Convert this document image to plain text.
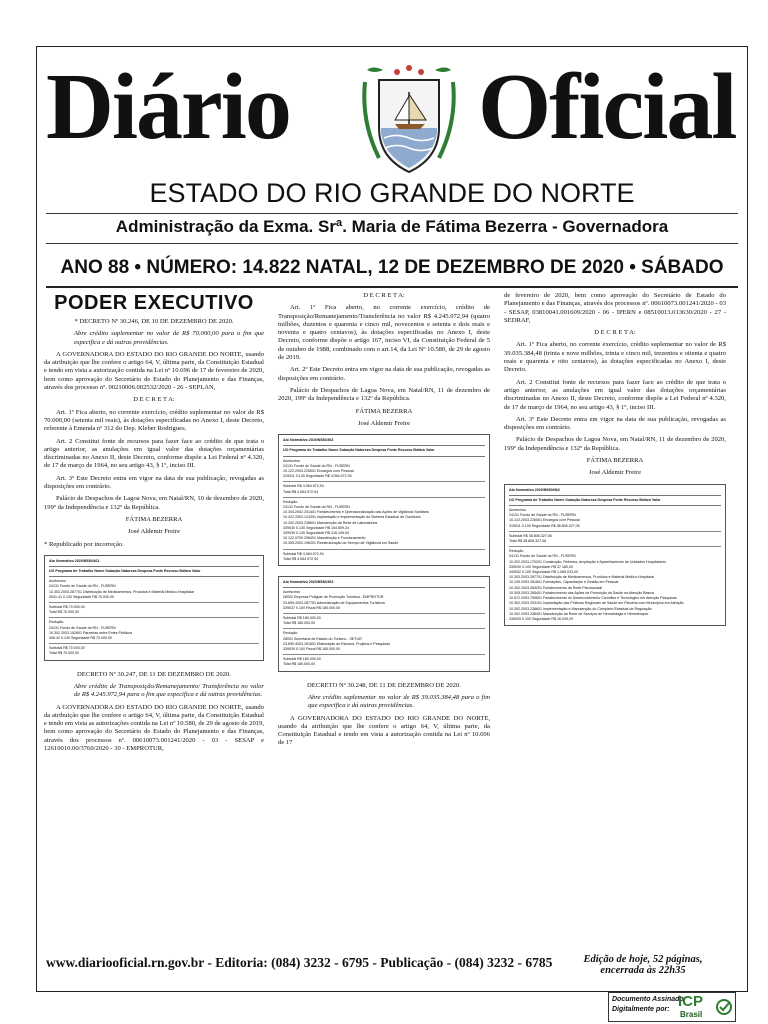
Diário Oficial
ESTADO DO RIO GRANDE DO NORTE
Administração da Exma. Srª. Maria de Fátima Bezerra - Governadora
ANO 88 • NÚMERO: 14.822 NATAL, 12 DE DEZEMBRO DE 2020 • SÁBADO

PODER EXECUTIVO

* DECRETO Nº 30.246, DE 10 DE DEZEMBRO DE 2020.

Abre crédito suplementar no valor de R$ 70.000,00 para o fim que especifica e dá outras providências.

A GOVERNADORA DO ESTADO DO RIO GRANDE DO NORTE, usando da atribuição que lhe confere o artigo 64, V, última parte, da Constituição Estadual e tendo em vista a autorização contida na Lei nº 10.696 de 17 de fevereiro de 2020, bem como aprovação do Secretário de Estado do Planejamento e das Finanças, através dos processo nº. 00210006.002532/2020 - 26 - SEPLAN,

D E C R E T A:

Art. 1º Fica aberto, no corrente exercício, crédito suplementar no valor de R$ 70.000,00 (setenta mil reais), às dotações especificadas no Anexo I, deste Decreto, referente à Emenda nº 312 do Dep. Kleber Rodrigues.

Art. 2 Constitui fonte de recursos para fazer face ao crédito de que trata o artigo anterior, as anulações em igual valor das dotações orçamentárias discriminadas no Anexo II, deste Decreto, conforme dispõe a Lei Federal nº 4.320, de 17 de março de 1964, no seu artigo 43, § 1º, inciso III.

Art. 3º Este Decreto entra em vigor na data de sua publicação, revogadas as disposições em contrário.

Palácio de Despachos de Lagoa Nova, em Natal/RN, 10 de dezembro de 2020, 199º da Independência e 132º da República.

FÁTIMA BEZERRA

José Aldemir Freire

* Republicado por incorreção.

Ato Normativo 2020/N530/461
UO Programa de Trabalho Nome Subação Natureza Despesa Fonte Recurso Bófara Valor
Acréscimo
24131 Fundo de Saúde do RN - FUSERN
10.303.2003.287701 Distribuição de Medicamentos, Produtos e Material Médico-Hospitalar
3041.41 0.130 Seguridade R$ 70.000,00
Subtotal R$ 70.000,00
Total R$ 70.000,00
Redução
24131 Fundo de Saúde do RN - FUSERN
10.302.2003.152601 Parcerias entre Entes Públicos
408.42 0.130 Seguridade R$ 70.000,00
Subtotal R$ 70.000,00
Total R$ 70.000,00

DECRETO Nº 30.247, DE 11 DE DEZEMBRO DE 2020.

Abre crédito de Transposição/Remanejamento/ Transferência no valor de R$ 4.245.972,94 para o fim que especifica e dá outras providências.

A GOVERNADORA DO ESTADO DO RIO GRANDE DO NORTE, usando da atribuição que lhe confere o artigo 64, V, última parte, da Constituição Estadual e tendo em vista as autorizações contida na Lei nº 10.580, de 29 de agosto de 2019, bem como aprovação do Secretário de Estado do Planejamento e das Finanças, através dos processos nº. 00610073.001241/2020 - 03 - SESAP e 12610010.00/3760/2020 - 30 - EMPROTUR,

D E C R E T A:

Art. 1º Fica aberto, no corrente exercício, crédito de Transposição/Remanejamento/Transferência no valor R$ 4.245.972,94 (quatro milhões, duzentos e quarenta e cinco mil, novecentos e setenta e dois reais e noventa e quatro centavos), às dotações especificadas no Anexo I, deste Decreto, conforme dispõe o artigo 167, inciso VI, da Constituição Federal de 5 de outubro de 1988, combinado com o art.14, da Lei Nº 10.580, de 29 de agosto de 2019.

Art. 2º Este Decreto entra em vigor na data de sua publicação, revogadas as disposições em contrário.

Palácio de Despachos de Lagoa Nova, em Natal/RN, 11 de dezembro de 2020, 199º da Independência e 132º da República.

FÁTIMA BEZERRA

José Aldemir Freire

Ato Normativo 2020/N530/363
UO Programa de Trabalho Nome Subação Natureza Despesa Fonte Recurso Bófara Valor
Acréscimo
24131 Fundo de Saúde do RN - FUSERN
10.122.2003.226501 Encargos com Pessoal
319011 0.130 Seguridade R$ 4.064.972,94
Subtotal R$ 4.064.972,94
Total R$ 4.064.972,94
Redução
24131 Fundo de Saúde do RN - FUSERN
10.304.2002.241401 Fortalecimento e Operacionalização das Ações de Vigilância Sanitária
10.422.2003.124301 Implantação e Implementação do Sistema Estadual de Ouvidoria
10.302.2003.238601 Manutenção da Rede de Laboratórios
339030 0.130 Seguridade R$ 154.609,24
339039 0.130 Seguridade R$ 316.106,94
10.122.0700.208401 Manutenção e Funcionamento
10.305.2002.196201 Reestruturação do Serviço de Vigilância em Saúde
Subtotal R$ 4.064.972,94
Total R$ 4.064.972,94
Ato Normativo 2020/N530/363
Acréscimo
28002 Empresa Potiguar de Promoção Turística - EMPROTUR
23.695.4003.287751 Administração de Equipamentos Turísticos
339037 0.100 Fiscal R$ 180.000,00
Subtotal R$ 180.000,00
Total R$ 180.000,00
Redução
28001 Secretaria de Estado do Turismo - SETUR
23.695.4003.161601 Elaboração de Estudos, Projetos e Pesquisas
339039 0.100 Fiscal R$ 180.000,00
Subtotal R$ 180.000,00
Total R$ 180.000,00

DECRETO Nº 30.248, DE 11 DE DEZEMBRO DE 2020.

Abre crédito suplementar no valor de R$ 39.035.384,48 para o fim que especifica e dá outras providências.

A GOVERNADORA DO ESTADO DO RIO GRANDE DO NORTE, usando da atribuição que lhe confere o artigo 64, V, última parte, da Constituição Estadual e tendo em vista a autorização contida na Lei nº 10.696 de 17

de fevereiro de 2020, bem como aprovação do Secretário de Estado do Planejamento e das Finanças, através dos processos nº. 00610073.001241/2020 - 03 - SESAP, 03810041.001609/2020 - 06 - IPERN e 08510013.013630/2020 - 27 - SEDRAF,

D E C R E T A:

Art. 1º Fica aberto, no corrente exercício, crédito suplementar no valor de R$ 39.035.384,48 (trinta e nove milhões, trinta e cinco mil, trezentos e oitenta e quatro reais e quarenta e oito centavos), às dotações especificadas no Anexo I, deste Decreto.

Art. 2 Constitui fonte de recursos para fazer face ao crédito de que trata o artigo anterior, as anulações em igual valor das dotações orçamentárias discriminadas no Anexo II, deste Decreto, conforme dispõe a Lei Federal nº 4.320, de 17 de março de 1964, no seu artigo 43, § 1º, inciso III.

Art. 3º Este Decreto entra em vigor na data de sua publicação, revogadas as disposições em contrário.

Palácio de Despachos de Lagoa Nova, em Natal/RN, 11 de dezembro de 2020, 199º da Independência e 132º da República.

FÁTIMA BEZERRA

José Aldemir Freire

Ato Normativo 2020/N530/N62
UO Programa de Trabalho Nome Subação Natureza Despesa Fonte Recurso Bófara Valor
Acréscimo
24131 Fundo de Saúde do RN - FUSERN
10.122.2003.226501 Encargos com Pessoal
319011 0.100 Seguridade R$ 38.806.327,06
Subtotal R$ 38.806.327,06
Total R$ 38.806.327,06
Redução
24131 Fundo de Saúde do RN - FUSERN
10.302.2003.170201 Construção, Reforma, Ampliação e Aparelhamento de Unidades Hospitalares
339030 0.100 Seguridade R$ 37.180,00
449052 0.100 Seguridade R$ 1.069.033,00
10.303.2003.287701 Distribuição de Medicamentos, Produtos e Material Médico-Hospitalar
10.126.2003.281601 Formações, Capacitação e Gestão em Pessoal
10.302.2003.283201 Fortalecimento da Rede Psicossocial
10.305.2003.285401 Fortalecimento das Ações de Promoção da Saúde na Atenção Básica
10.572.2003.759601 Fortalecimento do Desenvolvimento Científico e Tecnológico em Atenção Pesquisas
10.302.2003.293101 Implantação das Políticas Regionais de Saúde em Parceria com Municípios em Atenção
10.302.2003.238601 Implementação e Manutenção do Complexo Estadual de Regulação
10.302.2003.238401 Manutenção da Rede de Serviços de Hematologia e Hemoterapia
339039 0.100 Seguridade R$ 16.049,29
www.diariooficial.rn.gov.br - Editoria: (084) 3232 - 6795 - Publicação - (084) 3232 - 6785	Edição de hoje, 52 páginas,
encerrada às 22h35
Documento Assinado
Digitalmente por: ICP
Brasil
